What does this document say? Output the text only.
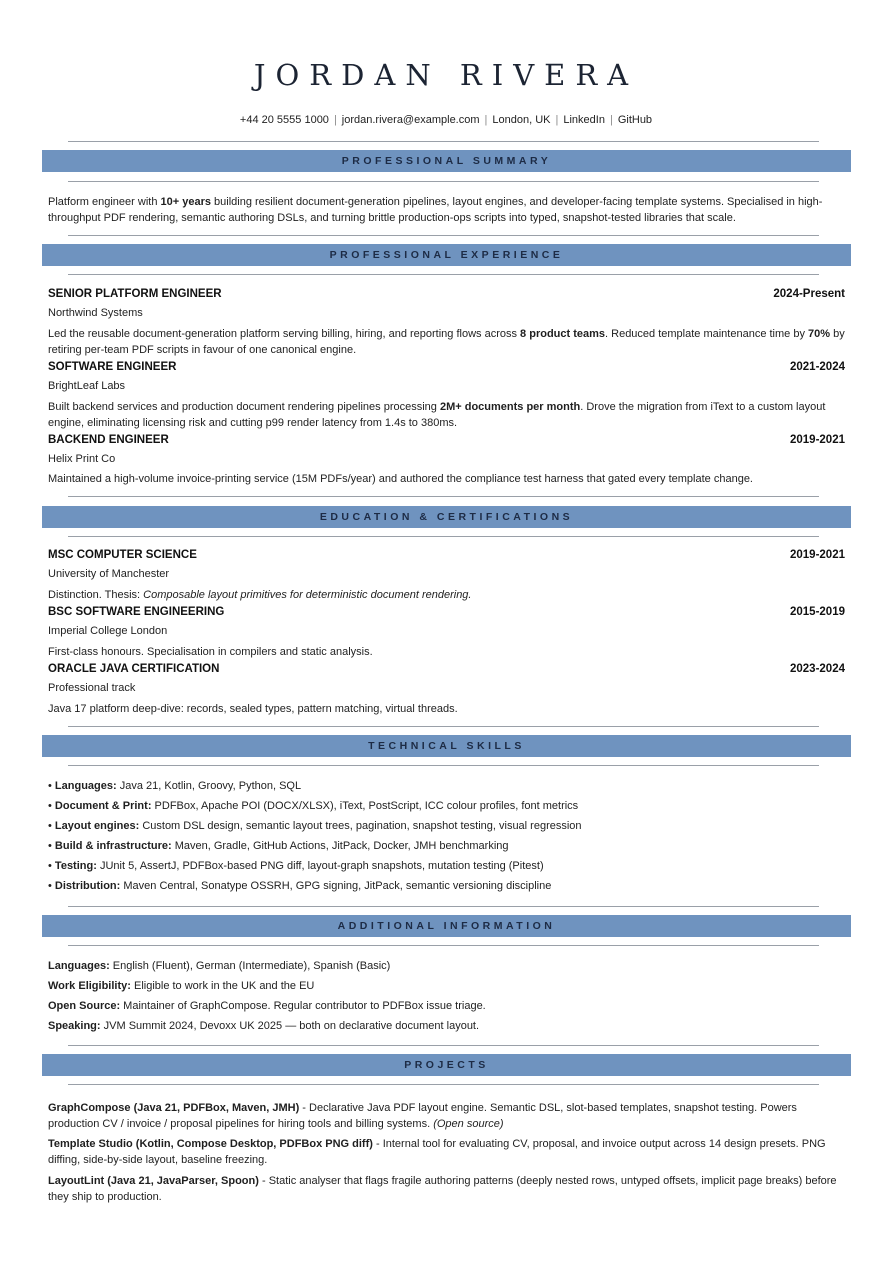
JORDAN RIVERA
+44 20 5555 1000 | jordan.rivera@example.com | London, UK | LinkedIn | GitHub
PROFESSIONAL SUMMARY
Platform engineer with 10+ years building resilient document-generation pipelines, layout engines, and developer-facing template systems. Specialised in high-throughput PDF rendering, semantic authoring DSLs, and turning brittle production-ops scripts into typed, snapshot-tested libraries that scale.
PROFESSIONAL EXPERIENCE
SENIOR PLATFORM ENGINEER	2024-Present
Northwind Systems
Led the reusable document-generation platform serving billing, hiring, and reporting flows across 8 product teams. Reduced template maintenance time by 70% by retiring per-team PDF scripts in favour of one canonical engine.
SOFTWARE ENGINEER	2021-2024
BrightLeaf Labs
Built backend services and production document rendering pipelines processing 2M+ documents per month. Drove the migration from iText to a custom layout engine, eliminating licensing risk and cutting p99 render latency from 1.4s to 380ms.
BACKEND ENGINEER	2019-2021
Helix Print Co
Maintained a high-volume invoice-printing service (15M PDFs/year) and authored the compliance test harness that gated every template change.
EDUCATION & CERTIFICATIONS
MSC COMPUTER SCIENCE	2019-2021
University of Manchester
Distinction. Thesis: Composable layout primitives for deterministic document rendering.
BSC SOFTWARE ENGINEERING	2015-2019
Imperial College London
First-class honours. Specialisation in compilers and static analysis.
ORACLE JAVA CERTIFICATION	2023-2024
Professional track
Java 17 platform deep-dive: records, sealed types, pattern matching, virtual threads.
TECHNICAL SKILLS
• Languages: Java 21, Kotlin, Groovy, Python, SQL
• Document & Print: PDFBox, Apache POI (DOCX/XLSX), iText, PostScript, ICC colour profiles, font metrics
• Layout engines: Custom DSL design, semantic layout trees, pagination, snapshot testing, visual regression
• Build & infrastructure: Maven, Gradle, GitHub Actions, JitPack, Docker, JMH benchmarking
• Testing: JUnit 5, AssertJ, PDFBox-based PNG diff, layout-graph snapshots, mutation testing (Pitest)
• Distribution: Maven Central, Sonatype OSSRH, GPG signing, JitPack, semantic versioning discipline
ADDITIONAL INFORMATION
Languages: English (Fluent), German (Intermediate), Spanish (Basic)
Work Eligibility: Eligible to work in the UK and the EU
Open Source: Maintainer of GraphCompose. Regular contributor to PDFBox issue triage.
Speaking: JVM Summit 2024, Devoxx UK 2025 — both on declarative document layout.
PROJECTS
GraphCompose (Java 21, PDFBox, Maven, JMH) - Declarative Java PDF layout engine. Semantic DSL, slot-based templates, snapshot testing. Powers production CV / invoice / proposal pipelines for hiring tools and billing systems. (Open source)
Template Studio (Kotlin, Compose Desktop, PDFBox PNG diff) - Internal tool for evaluating CV, proposal, and invoice output across 14 design presets. PNG diffing, side-by-side layout, baseline freezing.
LayoutLint (Java 21, JavaParser, Spoon) - Static analyser that flags fragile authoring patterns (deeply nested rows, untyped offsets, implicit page breaks) before they ship to production.
